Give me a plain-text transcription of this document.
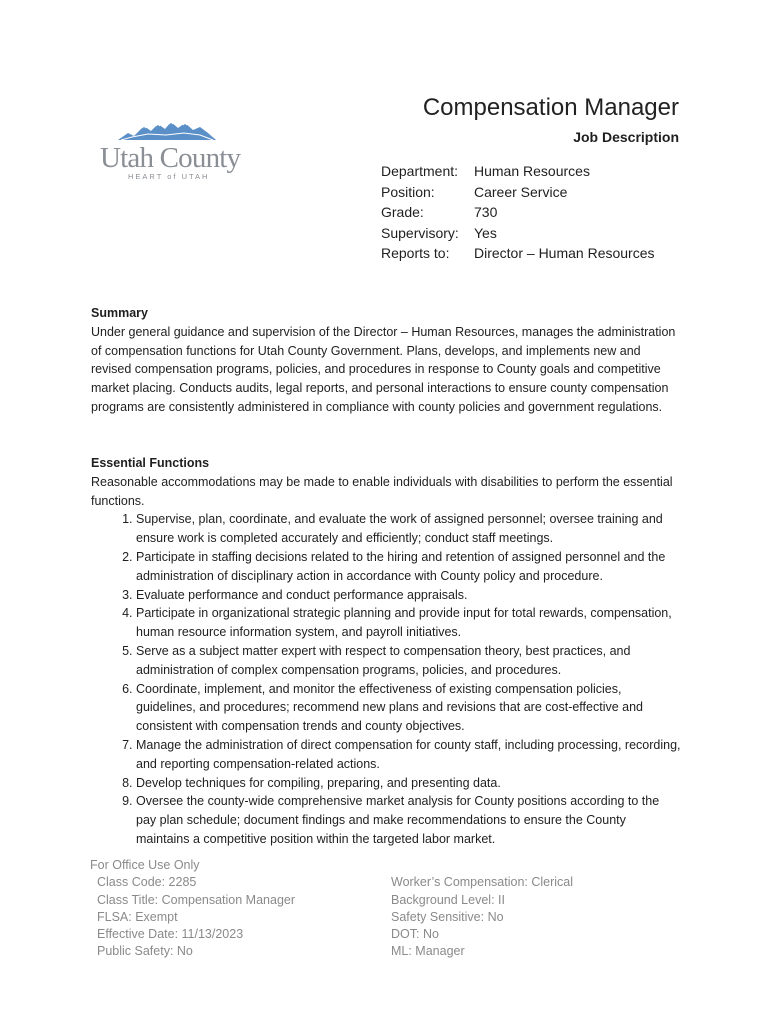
Utah County
HEART of UTAH
Compensation Manager
Job Description
Department: Human Resources
Position:	Career Service
Grade:	730
Supervisory: Yes
Reports to: Director – Human Resources
Summary

Under general guidance and supervision of the Director – Human Resources, manages the administration of compensation functions for Utah County Government. Plans, develops, and implements new and revised compensation programs, policies, and procedures in response to County goals and competitive market placing. Conducts audits, legal reports, and personal interactions to ensure county compensation programs are consistently administered in compliance with county policies and government regulations.

Essential Functions

Reasonable accommodations may be made to enable individuals with disabilities to perform the essential functions.

1. Supervise, plan, coordinate, and evaluate the work of assigned personnel; oversee training and ensure work is completed accurately and efficiently; conduct staff meetings.
2. Participate in staffing decisions related to the hiring and retention of assigned personnel and the administration of disciplinary action in accordance with County policy and procedure.
3. Evaluate performance and conduct performance appraisals.
4. Participate in organizational strategic planning and provide input for total rewards, compensation, human resource information system, and payroll initiatives.
5. Serve as a subject matter expert with respect to compensation theory, best practices, and administration of complex compensation programs, policies, and procedures.
6. Coordinate, implement, and monitor the effectiveness of existing compensation policies, guidelines, and procedures; recommend new plans and revisions that are cost-effective and consistent with compensation trends and county objectives.
7. Manage the administration of direct compensation for county staff, including processing, recording, and reporting compensation-related actions.
8. Develop techniques for compiling, preparing, and presenting data.
9. Oversee the county-wide comprehensive market analysis for County positions according to the pay plan schedule; document findings and make recommendations to ensure the County maintains a competitive position within the targeted labor market.
For Office Use Only
Class Code: 2285
Class Title: Compensation Manager
FLSA: Exempt
Effective Date: 11/13/2023
Public Safety: No
Worker’s Compensation: Clerical
Background Level: II
Safety Sensitive: No
DOT: No
ML: Manager
